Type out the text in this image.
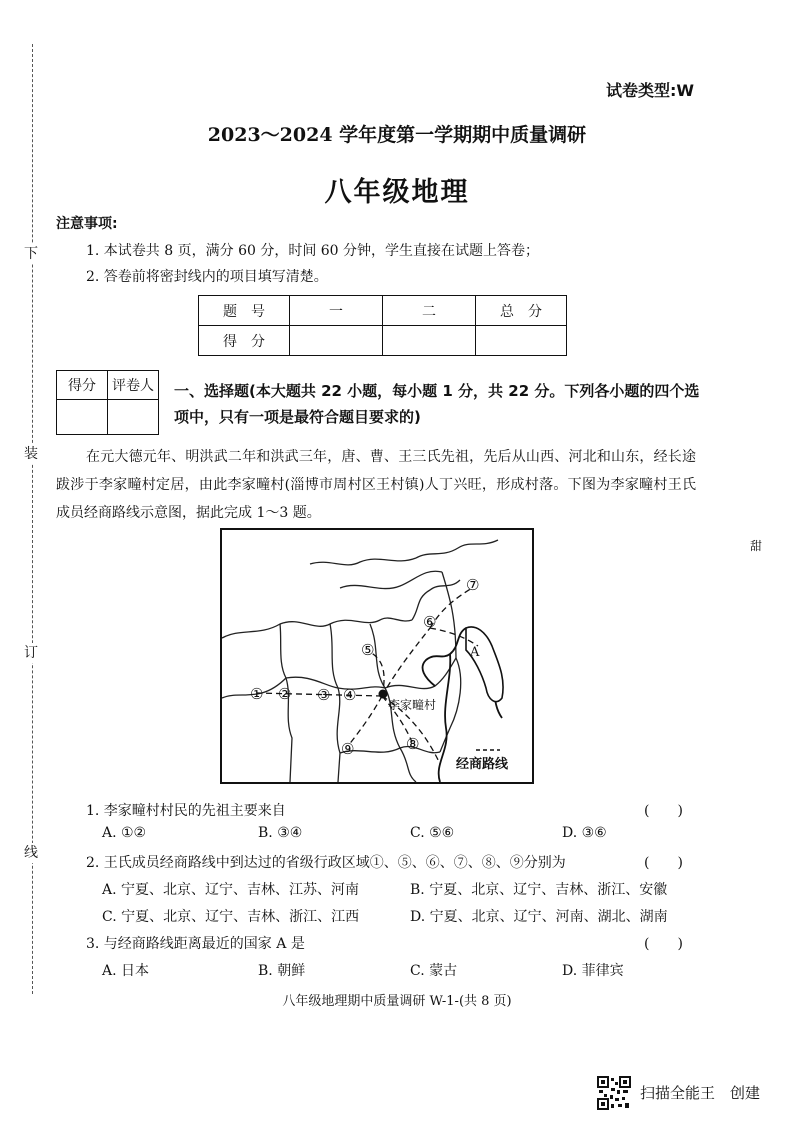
下
装
订
线
试卷类型:W
2023～2024 学年度第一学期期中质量调研
八年级地理
注意事项:
1. 本试卷共 8 页，满分 60 分，时间 60 分钟，学生直接在试题上答卷；
2. 答卷前将密封线内的项目填写清楚。
题　号	一	二	总　分
得　分			
得分	评卷人
	一、选择题(本大题共 22 小题，每小题 1 分，共 22 分。下列各小题的四个选项中，只有一项是最符合题目要求的)
在元大德元年、明洪武二年和洪武三年，唐、曹、王三氏先祖，先后从山西、河北和山东，经长途跋涉于李家疃村定居，由此李家疃村(淄博市周村区王村镇)人丁兴旺，形成村落。下图为李家疃村王氏成员经商路线示意图，据此完成 1～3 题。
李家疃村
A
① ② ③ ④
⑤
⑥
⑦
⑧
⑨
经商路线
1. 李家疃村村民的先祖主要来自	(　　)
A. ①②	B. ③④	C. ⑤⑥	D. ③⑥
2. 王氏成员经商路线中到达过的省级行政区域①、⑤、⑥、⑦、⑧、⑨分别为	(　　)
A. 宁夏、北京、辽宁、吉林、江苏、河南	B. 宁夏、北京、辽宁、吉林、浙江、安徽
C. 宁夏、北京、辽宁、吉林、浙江、江西	D. 宁夏、北京、辽宁、河南、湖北、湖南
3. 与经商路线距离最近的国家 A 是	(　　)
A. 日本	B. 朝鲜	C. 蒙古	D. 菲律宾
八年级地理期中质量调研 W-1-(共 8 页)
甜
扫描全能王　创建
